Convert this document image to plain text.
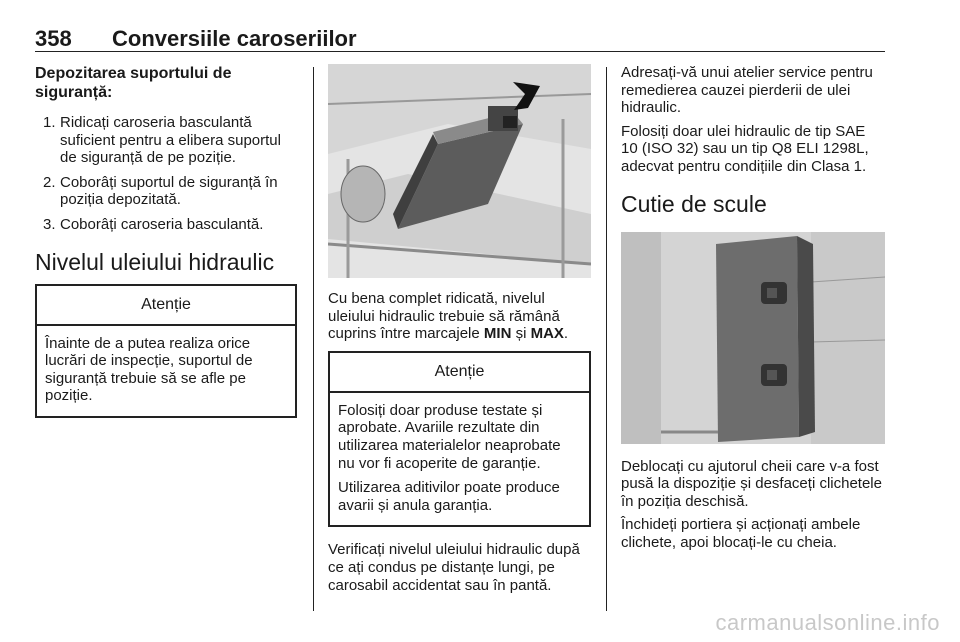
358 Conversiile caroseriilor
Depozitarea suportului de siguranță:
1. Ridicați caroseria basculantă suficient pentru a elibera suportul de siguranță de pe poziție.
2. Coborâți suportul de siguranță în poziția depozitată.
3. Coborâți caroseria basculantă.
Nivelul uleiului hidraulic
Atenție

Înainte de a putea realiza orice lucrări de inspecție, suportul de siguranță trebuie să se afle pe poziție.

Cu bena complet ridicată, nivelul uleiului hidraulic trebuie să rămână cuprins între marcajele MIN și MAX.

Atenție

Folosiți doar produse testate și aprobate. Avariile rezultate din utilizarea materialelor neaprobate nu vor fi acoperite de garanție.

Utilizarea aditivilor poate produce avarii și anula garanția.

Verificați nivelul uleiului hidraulic după ce ați condus pe distanțe lungi, pe carosabil accidentat sau în pantă.

Adresați-vă unui atelier service pentru remedierea cauzei pierderii de ulei hidraulic.

Folosiți doar ulei hidraulic de tip SAE 10 (ISO 32) sau un tip Q8 ELI 1298L, adecvat pentru condițiile din Clasa 1.

Cutie de scule

Deblocați cu ajutorul cheii care v-a fost pusă la dispoziție și desfaceți clichetele în poziția deschisă.

Închideți portiera și acționați ambele clichete, apoi blocați-le cu cheia.

carmanualsonline.info
